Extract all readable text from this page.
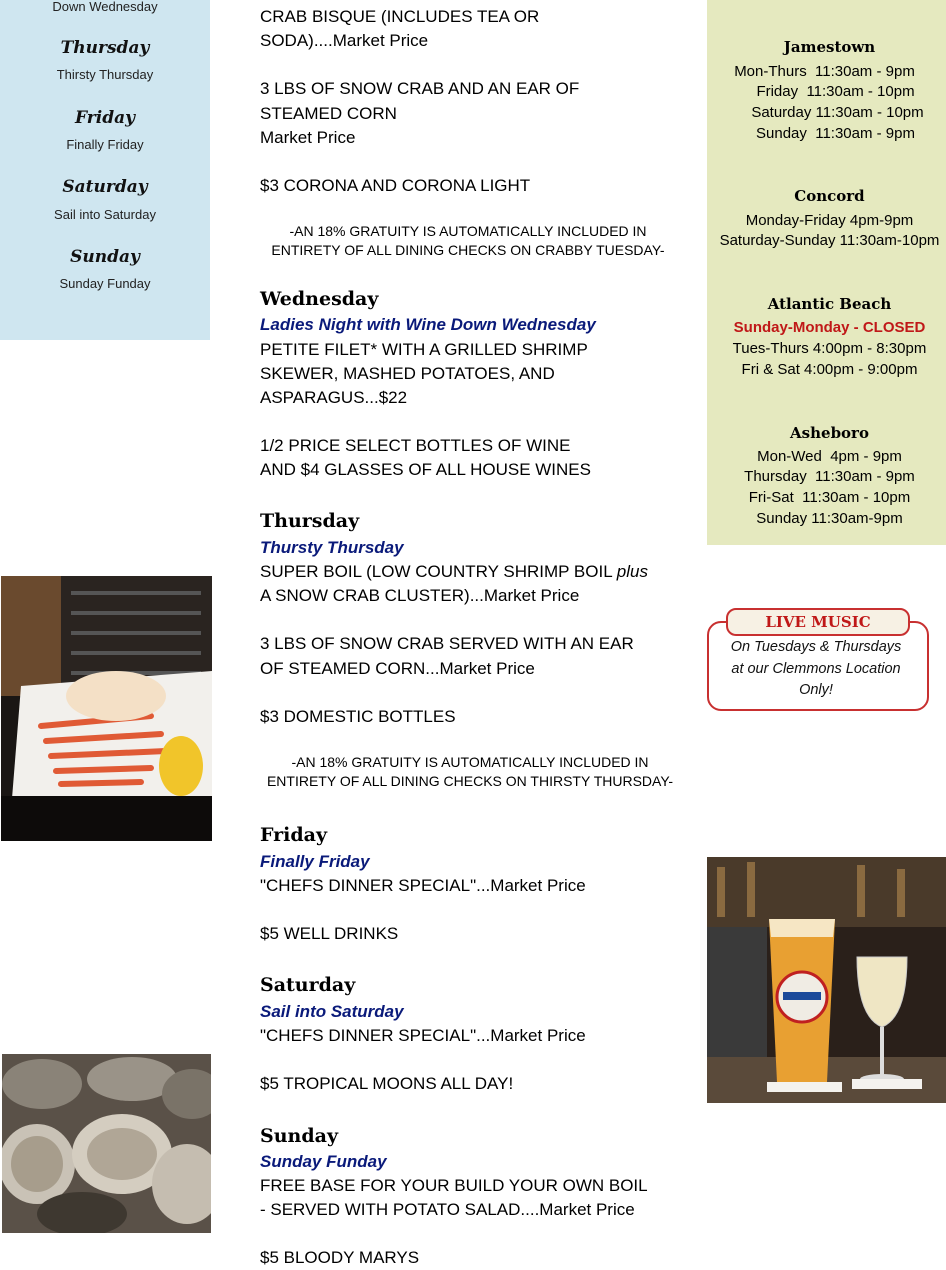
Down Wednesday
Thursday
Thirsty Thursday
Friday
Finally Friday
Saturday
Sail into Saturday
Sunday
Sunday Funday
CRAB BISQUE (INCLUDES TEA OR
SODA)....Market Price
3 LBS OF SNOW CRAB AND AN EAR OF
STEAMED CORN
Market Price
$3 CORONA AND CORONA LIGHT
-AN 18% GRATUITY IS AUTOMATICALLY INCLUDED IN
ENTIRETY OF ALL DINING CHECKS ON CRABBY TUESDAY-
Wednesday
Ladies Night with Wine Down Wednesday
PETITE FILET* WITH A GRILLED SHRIMP
SKEWER, MASHED POTATOES, AND
ASPARAGUS...$22
1/2 PRICE SELECT BOTTLES OF WINE
AND $4 GLASSES OF ALL HOUSE WINES
Thursday
Thursty Thursday
SUPER BOIL (LOW COUNTRY SHRIMP BOIL plus
A SNOW CRAB CLUSTER)...Market Price
3 LBS OF SNOW CRAB SERVED WITH AN EAR
OF STEAMED CORN...Market Price
$3 DOMESTIC BOTTLES
-AN 18% GRATUITY IS AUTOMATICALLY INCLUDED IN
ENTIRETY OF ALL DINING CHECKS ON THIRSTY THURSDAY-
Friday
Finally Friday
"CHEFS DINNER SPECIAL"...Market Price
$5 WELL DRINKS
Saturday
Sail into Saturday
"CHEFS DINNER SPECIAL"...Market Price
$5 TROPICAL MOONS ALL DAY!
Sunday
Sunday Funday
FREE BASE FOR YOUR BUILD YOUR OWN BOIL
- SERVED WITH POTATO SALAD....Market Price
$5 BLOODY MARYS
Jamestown
Mon-Thurs  11:30am - 9pm
Friday  11:30am - 10pm
Saturday 11:30am - 10pm
Sunday  11:30am - 9pm
Concord
Monday-Friday 4pm-9pm
Saturday-Sunday 11:30am-10pm
Atlantic Beach
Sunday-Monday - CLOSED
Tues-Thurs 4:00pm - 8:30pm
Fri & Sat 4:00pm - 9:00pm
Asheboro
Mon-Wed  4pm - 9pm
Thursday  11:30am - 9pm
Fri-Sat  11:30am - 10pm
Sunday 11:30am-9pm
LIVE MUSIC
On Tuesdays & Thursdays
at our Clemmons Location
Only!
